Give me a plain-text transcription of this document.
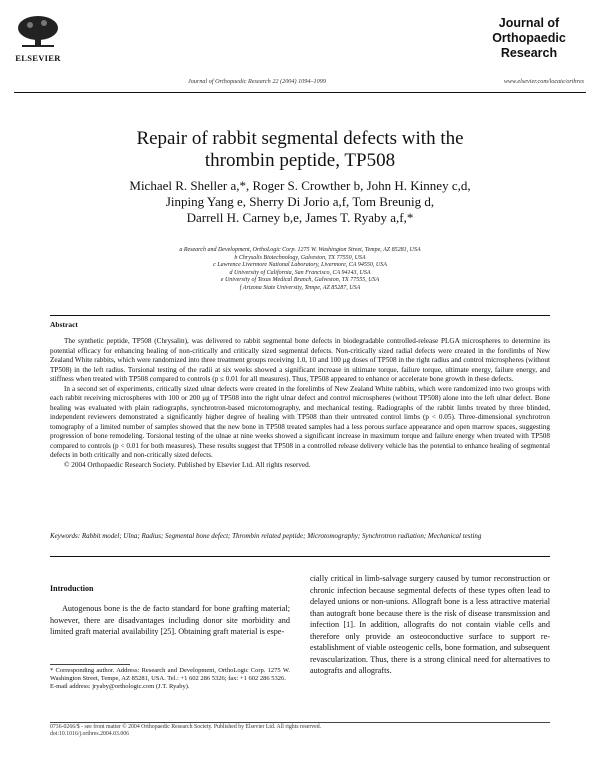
ELSEVIER
Journal of Orthopaedic Research 22 (2004) 1094–1099
Journal of
Orthopaedic
Research
www.elsevier.com/locate/orthres
Repair of rabbit segmental defects with the
thrombin peptide, TP508
Michael R. Sheller a,*, Roger S. Crowther b, John H. Kinney c,d,
Jinping Yang e, Sherry Di Jorio a,f, Tom Breunig d,
Darrell H. Carney b,e, James T. Ryaby a,f,*
a Research and Development, OrthoLogic Corp. 1275 W. Washington Street, Tempe, AZ 85281, USA
b Chrysalis Biotechnology, Galveston, TX 77550, USA
c Lawrence Livermore National Laboratory, Livermore, CA 94550, USA
d University of California, San Francisco, CA 94143, USA
e University of Texas Medical Branch, Galveston, TX 77555, USA
f Arizona State University, Tempe, AZ 85287, USA
Abstract

The synthetic peptide, TP508 (Chrysalin), was delivered to rabbit segmental bone defects in biodegradable controlled-release PLGA microspheres to determine its potential efficacy for enhancing healing of non-critically and critically sized segmental defects. Non-critically sized radial defects were created in the forelimbs of New Zealand White rabbits, which were randomized into three treatment groups receiving 1.0, 10 and 100 μg doses of TP508 in the right radius and control microspheres (without TP508) in the left radius. Torsional testing of the radii at six weeks showed a significant increase in ultimate torque, failure torque, ultimate energy, failure energy, and stiffness when treated with TP508 compared to controls (p ≤ 0.01 for all measures). Thus, TP508 appeared to enhance or accelerate bone growth in these defects.

In a second set of experiments, critically sized ulnar defects were created in the forelimbs of New Zealand White rabbits, which were randomized into two groups with each rabbit receiving microspheres with 100 or 200 μg of TP508 into the right ulnar defect and control microspheres (without TP508) alone into the left ulnar defect. Bone healing was evaluated with plain radiographs, synchrotron-based microtomography, and mechanical testing. Radiographs of the rabbit limbs treated by three blinded, independent reviewers demonstrated a significantly higher degree of healing with TP508 than their untreated control limbs (p < 0.05). Three-dimensional synchrotron tomography of a limited number of samples showed that the new bone in TP508 treated samples had a less porous surface appearance and open marrow spaces, suggesting progression of bone remodeling. Torsional testing of the ulnae at nine weeks showed a significant increase in maximum torque and failure energy when treated with TP508 compared to controls (p < 0.01 for both measures). These results suggest that TP508 in a controlled release delivery vehicle has the potential to enhance healing of segmental defects in both critically and non-critically sized defects.

© 2004 Orthopaedic Research Society. Published by Elsevier Ltd. All rights reserved.

Keywords: Rabbit model; Ulna; Radius; Segmental bone defect; Thrombin related peptide; Microtomography; Synchrotron radiation; Mechanical testing
Introduction
Autogenous bone is the de facto standard for bone grafting material; however, there are disadvantages including donor site morbidity and limited graft material availability [25]. Obtaining graft material is espe-
cially critical in limb-salvage surgery caused by tumor reconstruction or chronic infection because segmental defects of these types often lead to delayed unions or non-unions. Allograft bone is a less attractive material than autograft bone because there is the risk of disease transmission and infection [1]. In addition, allografts do not contain viable cells and therefore only provide an osteoconductive surface to support re-establishment of viable osteogenic cells, bone formation, and subsequent revascularization. Thus, there is a strong clinical need for alternatives to autografts and allografts.
* Corresponding author. Address: Research and Development, OrthoLogic Corp. 1275 W. Washington Street, Tempe, AZ 85281, USA. Tel.: +1 602 286 5326; fax: +1 602 286 5326.
E-mail address: jryaby@orthologic.com (J.T. Ryaby).
0736-0266/$ - see front matter © 2004 Orthopaedic Research Society. Published by Elsevier Ltd. All rights reserved.
doi:10.1016/j.orthres.2004.03.006
